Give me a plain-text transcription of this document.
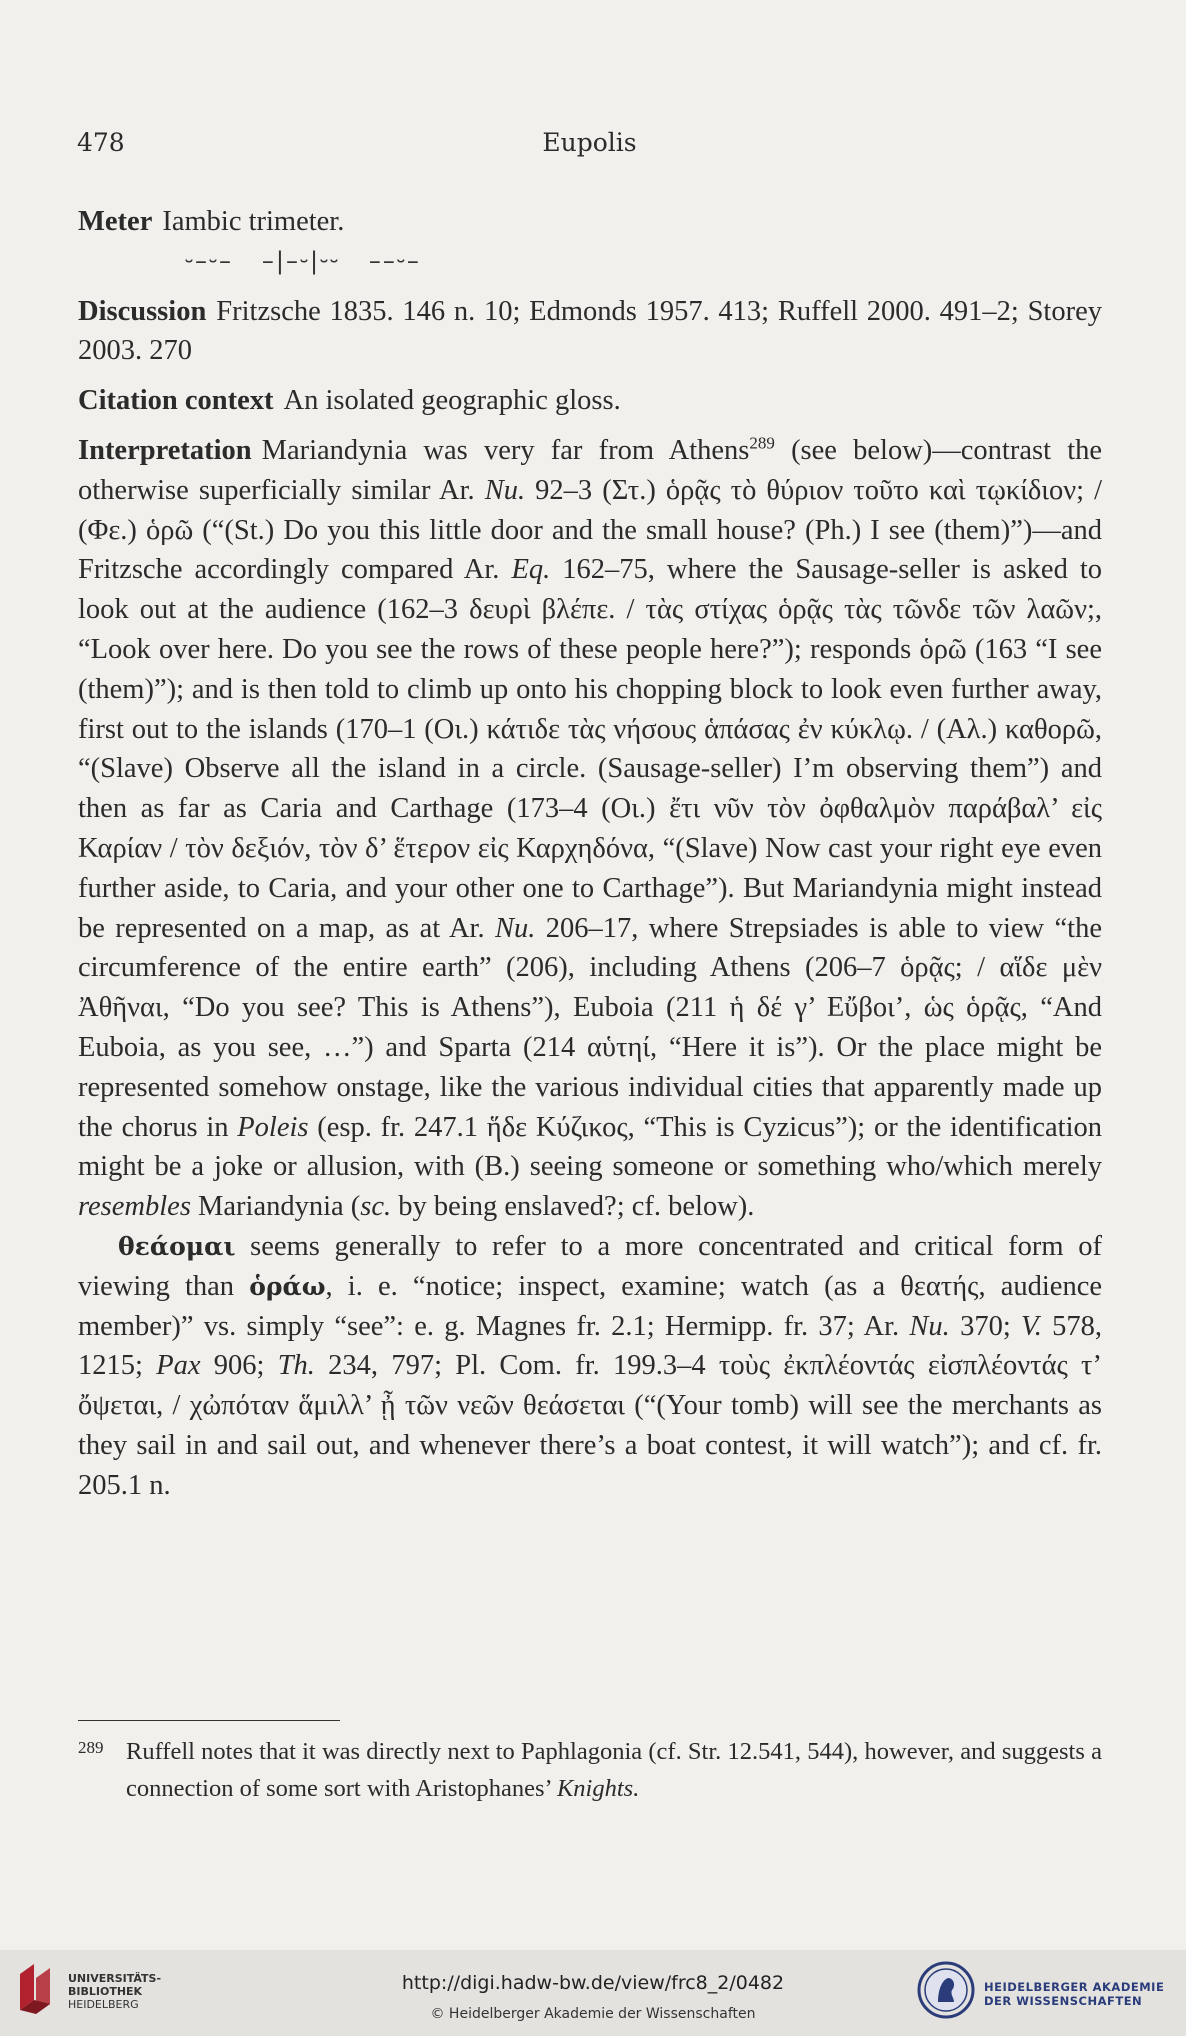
478	Eupolis

Meter Iambic trimeter.

Discussion Fritzsche 1835. 146 n. 10; Edmonds 1957. 413; Ruffell 2000. 491–2; Storey 2003. 270

Citation context An isolated geographic gloss.

Interpretation Mariandynia was very far from Athens$^{289}$ (see below)—contrast the otherwise superficially similar Ar. Nu. 92–3 (Στ.) ὁρᾷς τὸ θύριον τοῦτο καὶ τῳκίδιον; / (Φε.) ὁρῶ (“(St.) Do you this little door and the small house? (Ph.) I see (them)”)—and Fritzsche accordingly compared Ar. Eq. 162–75, where the Sausage-seller is asked to look out at the audience (162–3 δευρὶ βλέπε. / τὰς στίχας ὁρᾷς τὰς τῶνδε τῶν λαῶν;, “Look over here. Do you see the rows of these people here?”); responds ὁρῶ (163 “I see (them)”); and is then told to climb up onto his chopping block to look even further away, first out to the islands (170–1 (Οι.) κάτιδε τὰς νήσους ἁπάσας ἐν κύκλῳ. / (Αλ.) καθορῶ, “(Slave) Observe all the island in a circle. (Sausage-seller) I’m observing them”) and then as far as Caria and Carthage (173–4 (Οι.) ἔτι νῦν τὸν ὀφθαλμὸν παράβαλ’ εἰς Καρίαν / τὸν δεξιόν, τὸν δ’ ἕτερον εἰς Καρχηδόνα, “(Slave) Now cast your right eye even further aside, to Caria, and your other one to Carthage”). But Mariandynia might instead be represented on a map, as at Ar. Nu. 206–17, where Strepsiades is able to view “the circumference of the entire earth” (206), including Athens (206–7 ὁρᾷς; / αἵδε μὲν Ἀθῆναι, “Do you see? This is Athens”), Euboia (211 ἡ δέ γ’ Εὔβοι’, ὡς ὁρᾷς, “And Euboia, as you see, …”) and Sparta (214 αὑτηί, “Here it is”). Or the place might be represented somehow onstage, like the various individual cities that apparently made up the chorus in Poleis (esp. fr. 247.1 ἥδε Κύζικος, “This is Cyzicus”); or the identification might be a joke or allusion, with (B.) seeing someone or something who/which merely resembles Mariandynia (sc. by being enslaved?; cf. below).

θεάομαι seems generally to refer to a more concentrated and critical form of viewing than ὁράω, i. e. “notice; inspect, examine; watch (as a θεατής, audience member)” vs. simply “see”: e. g. Magnes fr. 2.1; Hermipp. fr. 37; Ar. Nu. 370; V. 578, 1215; Pax 906; Th. 234, 797; Pl. Com. fr. 199.3–4 τοὺς ἐκπλέοντάς εἰσπλέοντάς τ’ ὄψεται, / χὠπόταν ἅμιλλ’ ᾖ τῶν νεῶν θεάσεται (“(Your tomb) will see the merchants as they sail in and sail out, and whenever there’s a boat contest, it will watch”); and cf. fr. 205.1 n.

⏑–⏑–   –|–⏑|⏑⏑   ––⏑–
289 Ruffell notes that it was directly next to Paphlagonia (cf. Str. 12.541, 544), however, and suggests a connection of some sort with Aristophanes’ Knights.
UNIVERSITÄTS-
BIBLIOTHEK
HEIDELBERG
http://digi.hadw-bw.de/view/frc8_2/0482
© Heidelberger Akademie der Wissenschaften
HEIDELBERGER AKADEMIE
DER WISSENSCHAFTEN
